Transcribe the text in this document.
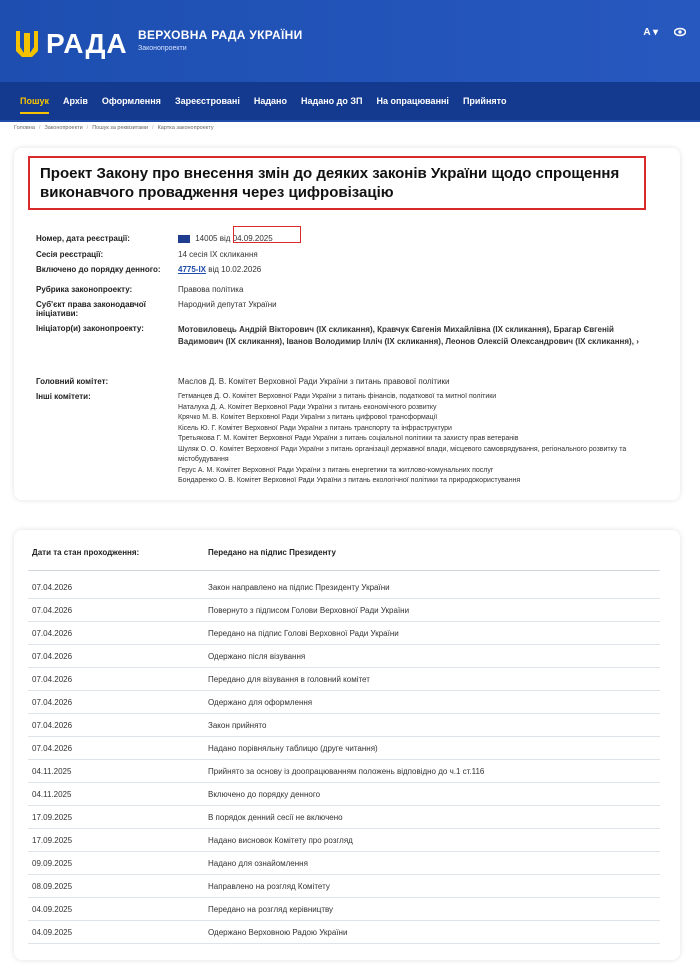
РАДА ВЕРХОВНА РАДА УКРАЇНИ
Законопроекти
A ▾
Пошук Архів Оформлення Зареєстровані Надано Надано до ЗП На опрацюванні Прийнято
Головна / Законопроекти / Пошук за реквізитами / Картка законопроекту
Проект Закону про внесення змін до деяких законів України щодо спрощення виконавчого провадження через цифровізацію
Номер, дата реєстрації:	14005 від 04.09.2025
Сесія реєстрації:	14 сесія IX скликання
Включено до порядку денного:	4775-IX від 10.02.2026
Рубрика законопроекту:	Правова політика
Суб'єкт права законодавчої ініціативи:
Народний депутат України
Ініціатор(и) законопроекту:	Мотовиловець Андрій Вікторович (IX скликання), Кравчук Євгенія Михайлівна (IX скликання), Брагар Євгеній Вадимович (IX скликання), Іванов Володимир Ілліч (IX скликання), Леонов Олексій Олександрович (IX скликання), ›
Головний комітет:	Маслов Д. В. Комітет Верховної Ради України з питань правової політики
Інші комітети:	Гетманцев Д. О. Комітет Верховної Ради України з питань фінансів, податкової та митної політики
Наталуха Д. А. Комітет Верховної Ради України з питань економічного розвитку
Крячко М. В. Комітет Верховної Ради України з питань цифрової трансформації
Кісель Ю. Г. Комітет Верховної Ради України з питань транспорту та інфраструктури
Третьякова Г. М. Комітет Верховної Ради України з питань соціальної політики та захисту прав ветеранів
Шуляк О. О. Комітет Верховної Ради України з питань організації державної влади, місцевого самоврядування, регіонального розвитку та містобудування
Герус А. М. Комітет Верховної Ради України з питань енергетики та житлово-комунальних послуг
Бондаренко О. В. Комітет Верховної Ради України з питань екологічної політики та природокористування
Дати та стан проходження:	Передано на підпис Президенту
07.04.2026	Закон направлено на підпис Президенту України
07.04.2026	Повернуто з підписом Голови Верховної Ради України
07.04.2026	Передано на підпис Голові Верховної Ради України
07.04.2026	Одержано після візування
07.04.2026	Передано для візування в головний комітет
07.04.2026	Одержано для оформлення
07.04.2026	Закон прийнято
07.04.2026	Надано порівняльну таблицю (друге читання)
04.11.2025	Прийнято за основу із доопрацюванням положень відповідно до ч.1 ст.116
04.11.2025	Включено до порядку денного
17.09.2025	В порядок денний сесії не включено
17.09.2025	Надано висновок Комітету про розгляд
09.09.2025	Надано для ознайомлення
08.09.2025	Направлено на розгляд Комітету
04.09.2025	Передано на розгляд керівництву
04.09.2025	Одержано Верховною Радою України
